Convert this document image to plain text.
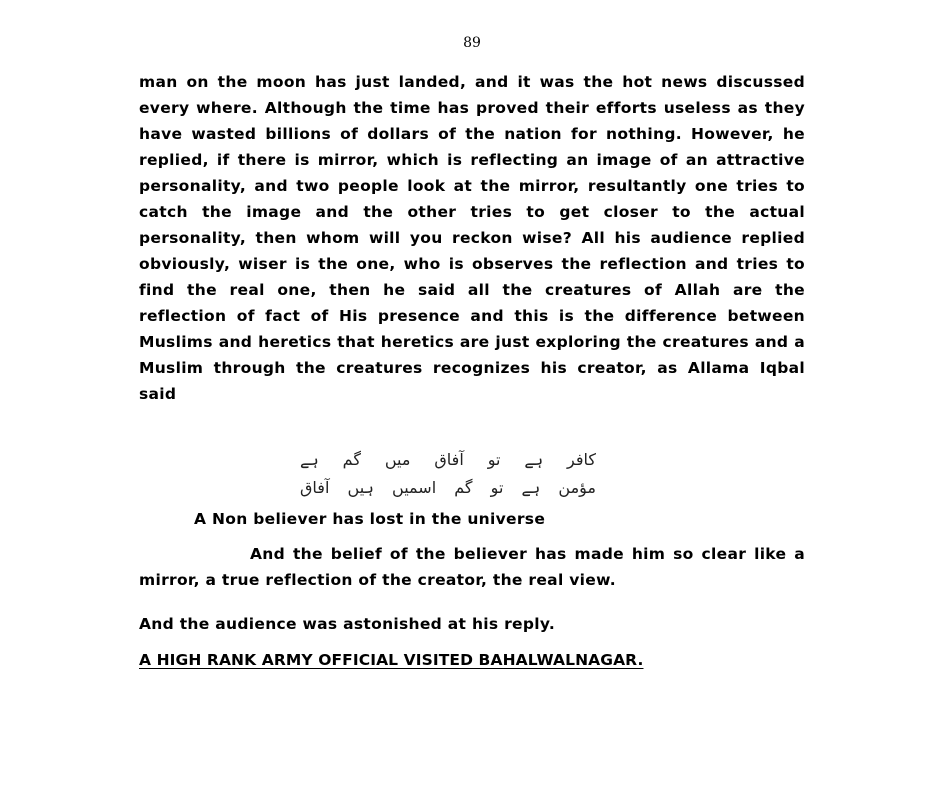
89

man on the moon has just landed, and it was the hot news discussed every where. Although the time has proved their efforts useless as they have wasted billions of dollars of the nation for nothing. However, he replied, if there is mirror, which is reflecting an image of an attractive personality, and two people look at the mirror, resultantly one tries to catch the image and the other tries to get closer to the actual personality, then whom will you reckon wise? All his audience replied obviously, wiser is the one, who is observes the reflection and tries to find the real one, then he said all the creatures of Allah are the reflection of fact of His presence and this is the difference between Muslims and heretics that heretics are just exploring the creatures and a Muslim through the creatures recognizes his creator, as Allama Iqbal said

کافر ہے تو آفاق میں گم ہے
مؤمن ہے تو گم اسمیں ہیں آفاق

A Non believer has lost in the universe

And the belief of the believer has made him so clear like a mirror, a true reflection of the creator, the real view.

And the audience was astonished at his reply.

A HIGH RANK ARMY OFFICIAL VISITED BAHALWALNAGAR.
